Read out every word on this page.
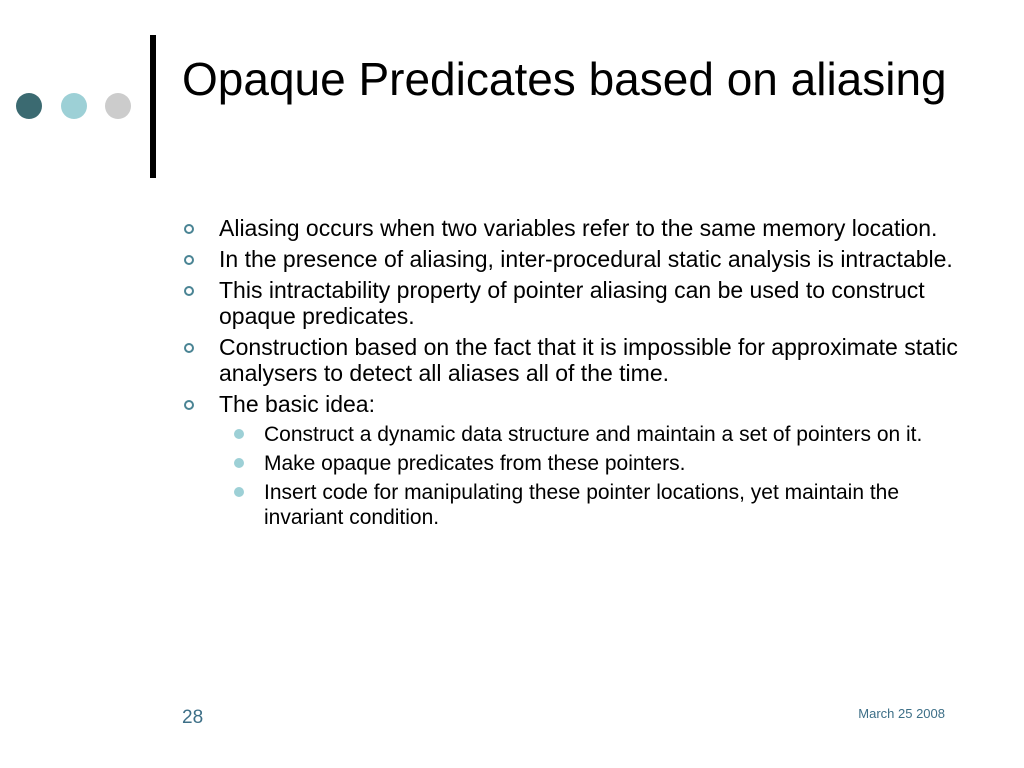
Opaque Predicates based on aliasing
Aliasing occurs when two variables refer to the same memory location.
In the presence of aliasing, inter-procedural static analysis is intractable.
This intractability property of pointer aliasing can be used to construct opaque predicates.
Construction based on the fact that it is impossible for approximate static analysers to detect all aliases all of the time.
The basic idea:
Construct a dynamic data structure and maintain a set of pointers on it.
Make opaque predicates from these pointers.
Insert code for manipulating these pointer locations, yet maintain the invariant condition.
28	March 25 2008
